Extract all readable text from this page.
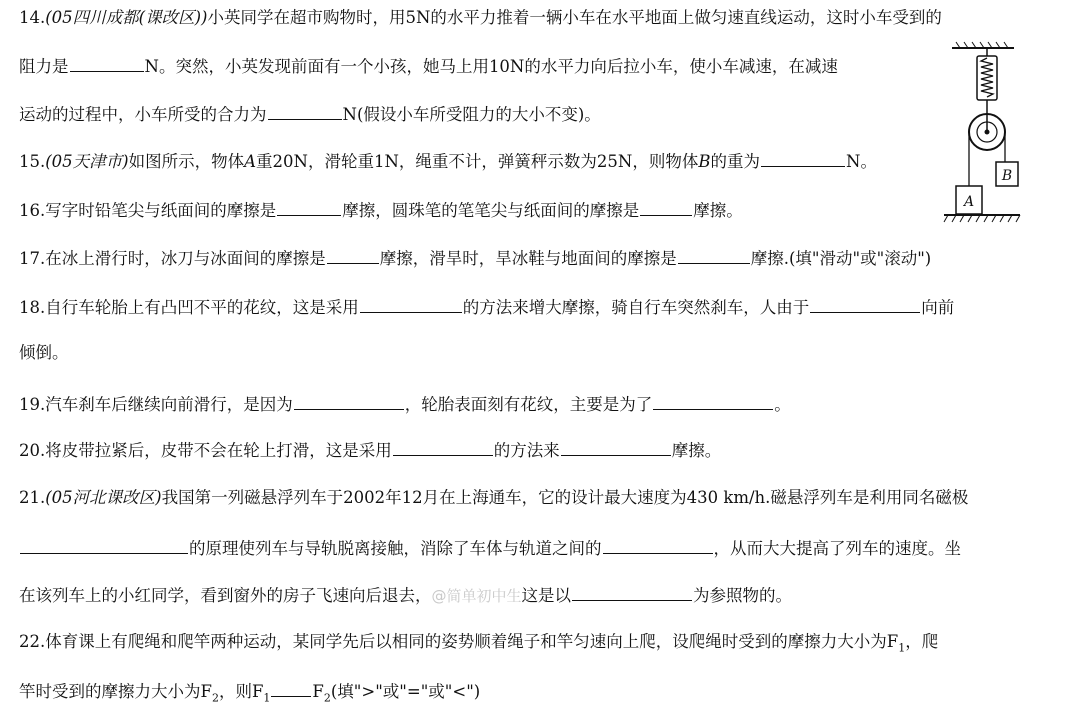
14.(05四川成都(课改区))小英同学在超市购物时，用5N的水平力推着一辆小车在水平地面上做匀速直线运动，这时小车受到的
阻力是	N。突然，小英发现前面有一个小孩，她马上用10N的水平力向后拉小车，使小车减速，在减速
运动的过程中，小车所受的合力为	N(假设小车所受阻力的大小不变)。
15.(05天津市)如图所示，物体A重20N，滑轮重1N，绳重不计，弹簧秤示数为25N，则物体B的重为	N。
16.写字时铅笔尖与纸面间的摩擦是	摩擦，圆珠笔的笔笔尖与纸面间的摩擦是	摩擦。
17.在冰上滑行时，冰刀与冰面间的摩擦是	摩擦，滑旱时，旱冰鞋与地面间的摩擦是	摩擦.(填"滑动"或"滚动")
18.自行车轮胎上有凸凹不平的花纹，这是采用	的方法来增大摩擦，骑自行车突然刹车，人由于	向前
倾倒。
19.汽车刹车后继续向前滑行，是因为	，轮胎表面刻有花纹，主要是为了	。
20.将皮带拉紧后，皮带不会在轮上打滑，这是采用	的方法来	摩擦。
21.(05河北课改区)我国第一列磁悬浮列车于2002年12月在上海通车，它的设计最大速度为430 km/h.磁悬浮列车是利用同名磁极
的原理使列车与导轨脱离接触，消除了车体与轨道之间的	，从而大大提高了列车的速度。坐
在该列车上的小红同学，看到窗外的房子飞速向后退去，@简单初中生这是以	为参照物的。
22.体育课上有爬绳和爬竿两种运动，某同学先后以相同的姿势顺着绳子和竿匀速向上爬，设爬绳时受到的摩擦力大小为$F_1$，爬
竿时受到的摩擦力大小为$F_2$，则$F_1$	$F_2$(填">"或"="或"<")
B
A
